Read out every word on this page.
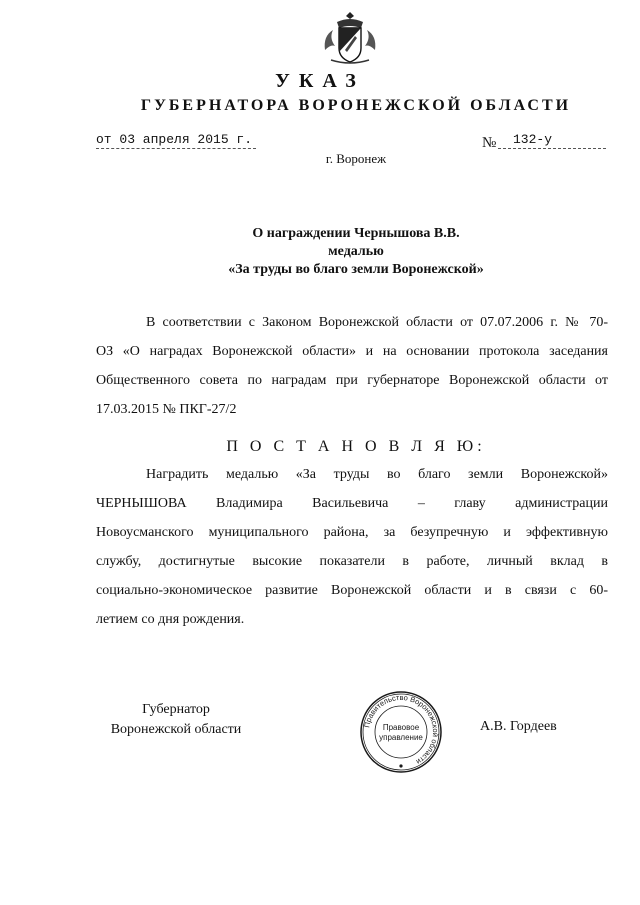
УКАЗ
ГУБЕРНАТОРА ВОРОНЕЖСКОЙ ОБЛАСТИ
от 03 апреля 2015 г.	№ 132-у
г. Воронеж
О награждении Чернышова В.В.
медалью
«За труды во благо земли Воронежской»
В соответствии с Законом Воронежской области от 07.07.2006 г. № 70-
ОЗ «О наградах Воронежской области» и на основании протокола заседания
Общественного совета по наградам при губернаторе Воронежской области от
17.03.2015 № ПКГ-27/2
П О С Т А Н О В Л Я Ю:
Наградить медалью «За труды во благо земли Воронежской»
ЧЕРНЫШОВА Владимира Васильевича – главу администрации
Новоусманского муниципального района, за безупречную и эффективную
службу, достигнутые высокие показатели в работе, личный вклад в
социально-экономическое развитие Воронежской области и в связи с 60-
летием со дня рождения.
Губернатор
Воронежской области	Правительство Воронежской области
Правовое
управление
А.В. Гордеев
